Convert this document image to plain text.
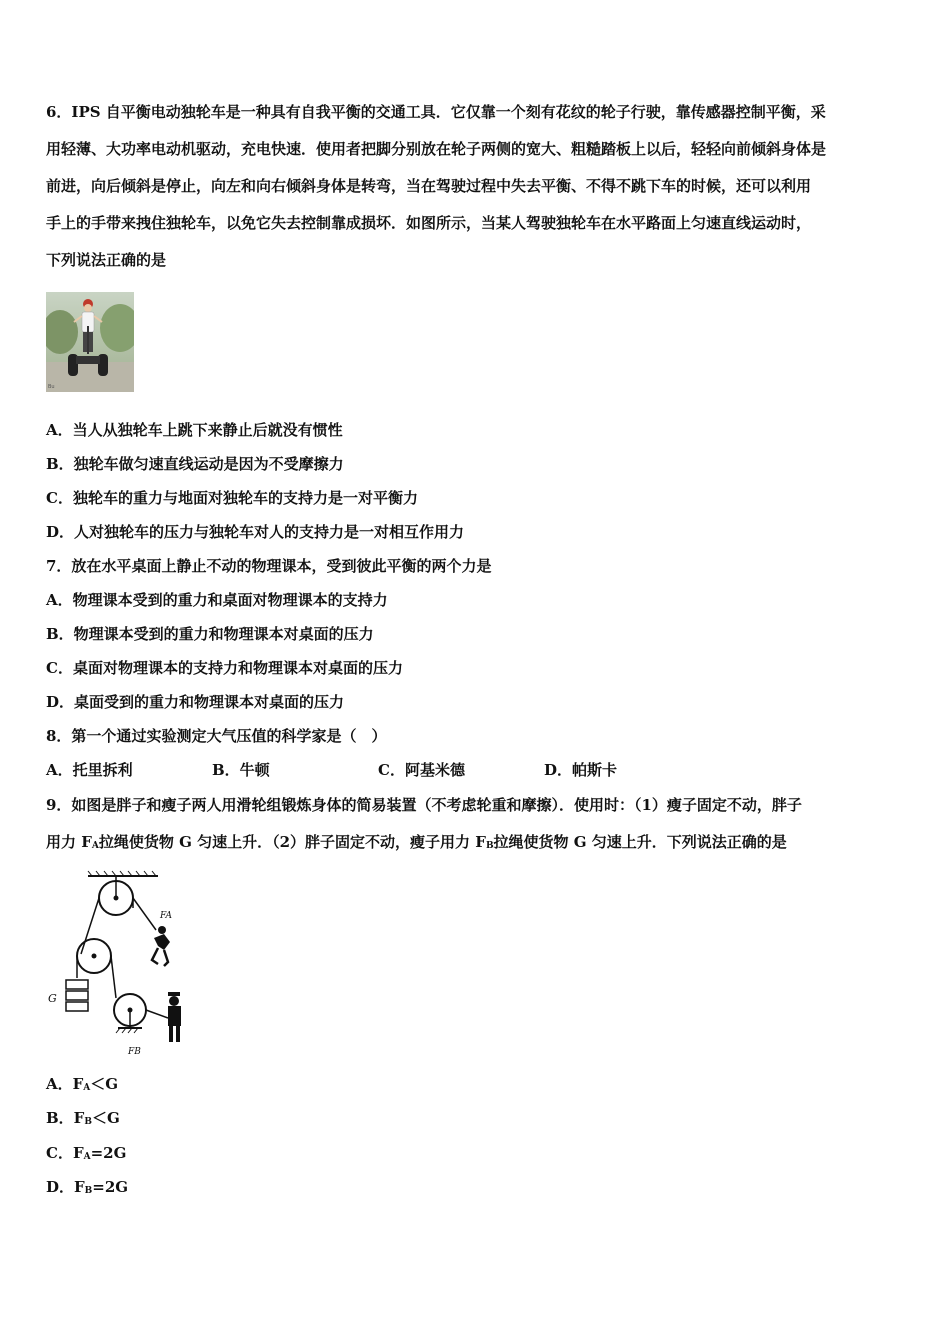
6．IPS 自平衡电动独轮车是一种具有自我平衡的交通工具．它仅靠一个刻有花纹的轮子行驶，靠传感器控制平衡，采
用轻薄、大功率电动机驱动，充电快速．使用者把脚分别放在轮子两侧的宽大、粗糙踏板上以后，轻轻向前倾斜身体是
前进，向后倾斜是停止，向左和向右倾斜身体是转弯，当在驾驶过程中失去平衡、不得不跳下车的时候，还可以利用
手上的手带来拽住独轮车，以免它失去控制靠成损坏．如图所示，当某人驾驶独轮车在水平路面上匀速直线运动时，
下列说法正确的是
Bu
A．当人从独轮车上跳下来静止后就没有惯性
B．独轮车做匀速直线运动是因为不受摩擦力
C．独轮车的重力与地面对独轮车的支持力是一对平衡力
D．人对独轮车的压力与独轮车对人的支持力是一对相互作用力
7．放在水平桌面上静止不动的物理课本，受到彼此平衡的两个力是
A．物理课本受到的重力和桌面对物理课本的支持力
B．物理课本受到的重力和物理课本对桌面的压力
C．桌面对物理课本的支持力和物理课本对桌面的压力
D．桌面受到的重力和物理课本对桌面的压力
8．第一个通过实验测定大气压值的科学家是（　）
A．托里拆利	B．牛顿	C．阿基米德	D．帕斯卡
9．如图是胖子和瘦子两人用滑轮组锻炼身体的简易装置（不考虑轮重和摩擦）．使用时：（1）瘦子固定不动，胖子
用力 $F_A$拉绳使货物 G 匀速上升．（2）胖子固定不动，瘦子用力 $F_B$拉绳使货物 G 匀速上升．下列说法正确的是
G
FA
FB
A．$F_A<G$
B．$F_B<G$
C．$F_A=2G$
D．$F_B=2G$
